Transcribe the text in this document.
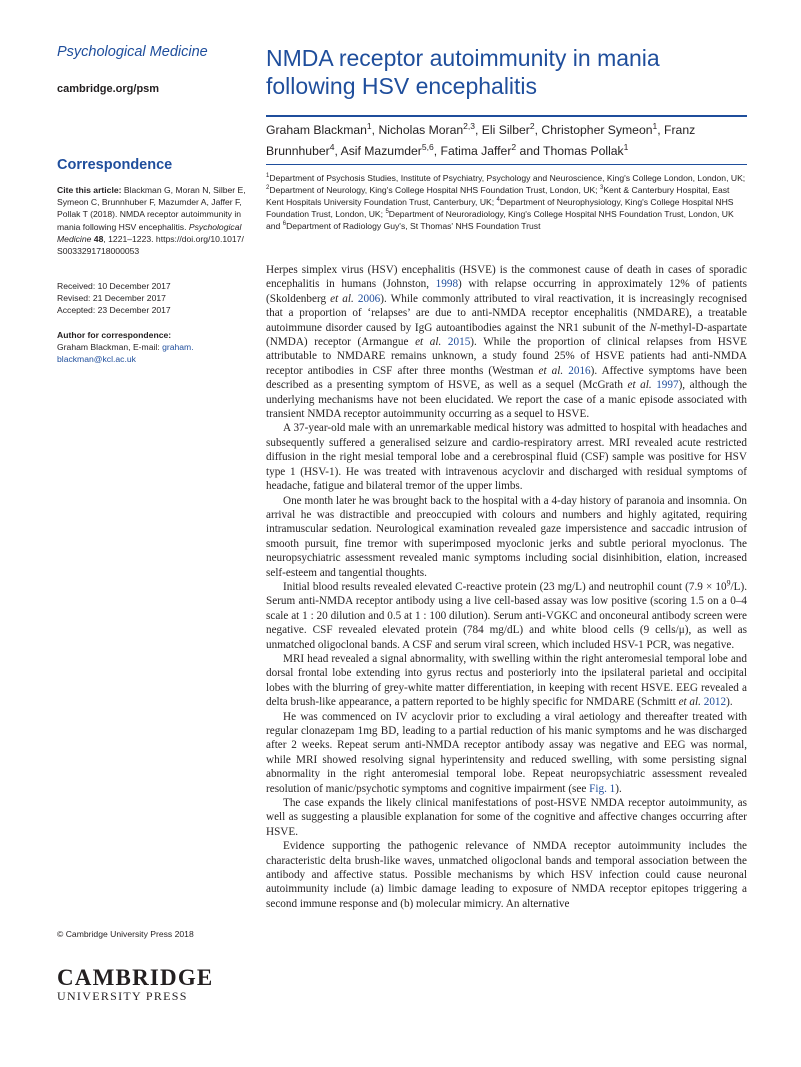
Psychological Medicine

cambridge.org/psm
Correspondence
Cite this article: Blackman G, Moran N, Silber E, Symeon C, Brunnhuber F, Mazumder A, Jaffer F, Pollak T (2018). NMDA receptor autoimmunity in mania following HSV encephalitis. Psychological Medicine 48, 1221–1223. https://doi.org/10.1017/ S0033291718000053
Received: 10 December 2017
Revised: 21 December 2017
Accepted: 23 December 2017
Author for correspondence:
Graham Blackman, E-mail: graham. blackman@kcl.ac.uk
© Cambridge University Press 2018
CAMBRIDGE
UNIVERSITY PRESS
NMDA receptor autoimmunity in mania following HSV encephalitis
Graham Blackman$^1$, Nicholas Moran$^{2,3}$, Eli Silber$^2$, Christopher Symeon$^1$, Franz Brunnhuber$^4$, Asif Mazumder$^{5,6}$, Fatima Jaffer$^2$ and Thomas Pollak$^1$
$^1$Department of Psychosis Studies, Institute of Psychiatry, Psychology and Neuroscience, King's College London, London, UK; $^2$Department of Neurology, King's College Hospital NHS Foundation Trust, London, UK; $^3$Kent & Canterbury Hospital, East Kent Hospitals University Foundation Trust, Canterbury, UK; $^4$Department of Neurophysiology, King's College Hospital NHS Foundation Trust, London, UK; $^5$Department of Neuroradiology, King's College Hospital NHS Foundation Trust, London, UK and $^6$Department of Radiology Guy's, St Thomas' NHS Foundation Trust

Herpes simplex virus (HSV) encephalitis (HSVE) is the commonest cause of death in cases of sporadic encephalitis in humans (Johnston, 1998) with relapse occurring in approximately 12% of patients (Skoldenberg et al. 2006). While commonly attributed to viral reactivation, it is increasingly recognised that a proportion of ‘relapses’ are due to anti-NMDA receptor encephalitis (NMDARE), a treatable autoimmune disorder caused by IgG autoantibodies against the NR1 subunit of the N-methyl-D-aspartate (NMDA) receptor (Armangue et al. 2015). While the proportion of clinical relapses from HSVE attributable to NMDARE remains unknown, a study found 25% of HSVE patients had anti-NMDA receptor antibodies in CSF after three months (Westman et al. 2016). Affective symptoms have been described as a presenting symptom of HSVE, as well as a sequel (McGrath et al. 1997), although the underlying mechanisms have not been elucidated. We report the case of a manic episode associated with transient NMDA receptor autoimmunity occurring as a sequel to HSVE.

A 37-year-old male with an unremarkable medical history was admitted to hospital with headaches and subsequently suffered a generalised seizure and cardio-respiratory arrest. MRI revealed acute restricted diffusion in the right mesial temporal lobe and a cerebrospinal fluid (CSF) sample was positive for HSV type 1 (HSV-1). He was treated with intravenous acyclovir and discharged with residual symptoms of headache, fatigue and bilateral tremor of the upper limbs.

One month later he was brought back to the hospital with a 4-day history of paranoia and insomnia. On arrival he was distractible and preoccupied with colours and numbers and highly agitated, requiring intramuscular sedation. Neurological examination revealed gaze impersistence and saccadic intrusion of smooth pursuit, fine tremor with superimposed myoclonic jerks and subtle perioral myoclonus. The neuropsychiatric assessment revealed manic symptoms including social disinhibition, elation, increased self-esteem and tangential thoughts.

Initial blood results revealed elevated C-reactive protein (23 mg/L) and neutrophil count $(7.9 \times 10^9/L)$. Serum anti-NMDA receptor antibody using a live cell-based assay was low positive (scoring 1.5 on a 0–4 scale at 1 : 20 dilution and 0.5 at 1 : 100 dilution). Serum anti-VGKC and onconeural antibody screen were negative. CSF revealed elevated protein (784 mg/dL) and white blood cells (9 cells/μ), as well as unmatched oligoclonal bands. A CSF and serum viral screen, which included HSV-1 PCR, was negative.

MRI head revealed a signal abnormality, with swelling within the right anteromesial temporal lobe and dorsal frontal lobe extending into gyrus rectus and posteriorly into the ipsilateral parietal and occipital lobes with the blurring of grey-white matter differentiation, in keeping with recent HSVE. EEG revealed a delta brush-like appearance, a pattern reported to be highly specific for NMDARE (Schmitt et al. 2012).

He was commenced on IV acyclovir prior to excluding a viral aetiology and thereafter treated with regular clonazepam 1mg BD, leading to a partial reduction of his manic symptoms and he was discharged after 2 weeks. Repeat serum anti-NMDA receptor antibody assay was negative and EEG was normal, while MRI showed resolving signal hyperintensity and reduced swelling, with some persisting signal abnormality in the right anteromesial temporal lobe. Repeat neuropsychiatric assessment revealed resolution of manic/psychotic symptoms and cognitive impairment (see Fig. 1).

The case expands the likely clinical manifestations of post-HSVE NMDA receptor autoimmunity, as well as suggesting a plausible explanation for some of the cognitive and affective changes occurring after HSVE.

Evidence supporting the pathogenic relevance of NMDA receptor autoimmunity includes the characteristic delta brush-like waves, unmatched oligoclonal bands and temporal association between the antibody and affective status. Possible mechanisms by which HSV infection could cause neuronal autoimmunity include (a) limbic damage leading to exposure of NMDA receptor epitopes triggering a second immune response and (b) molecular mimicry. An alternative
